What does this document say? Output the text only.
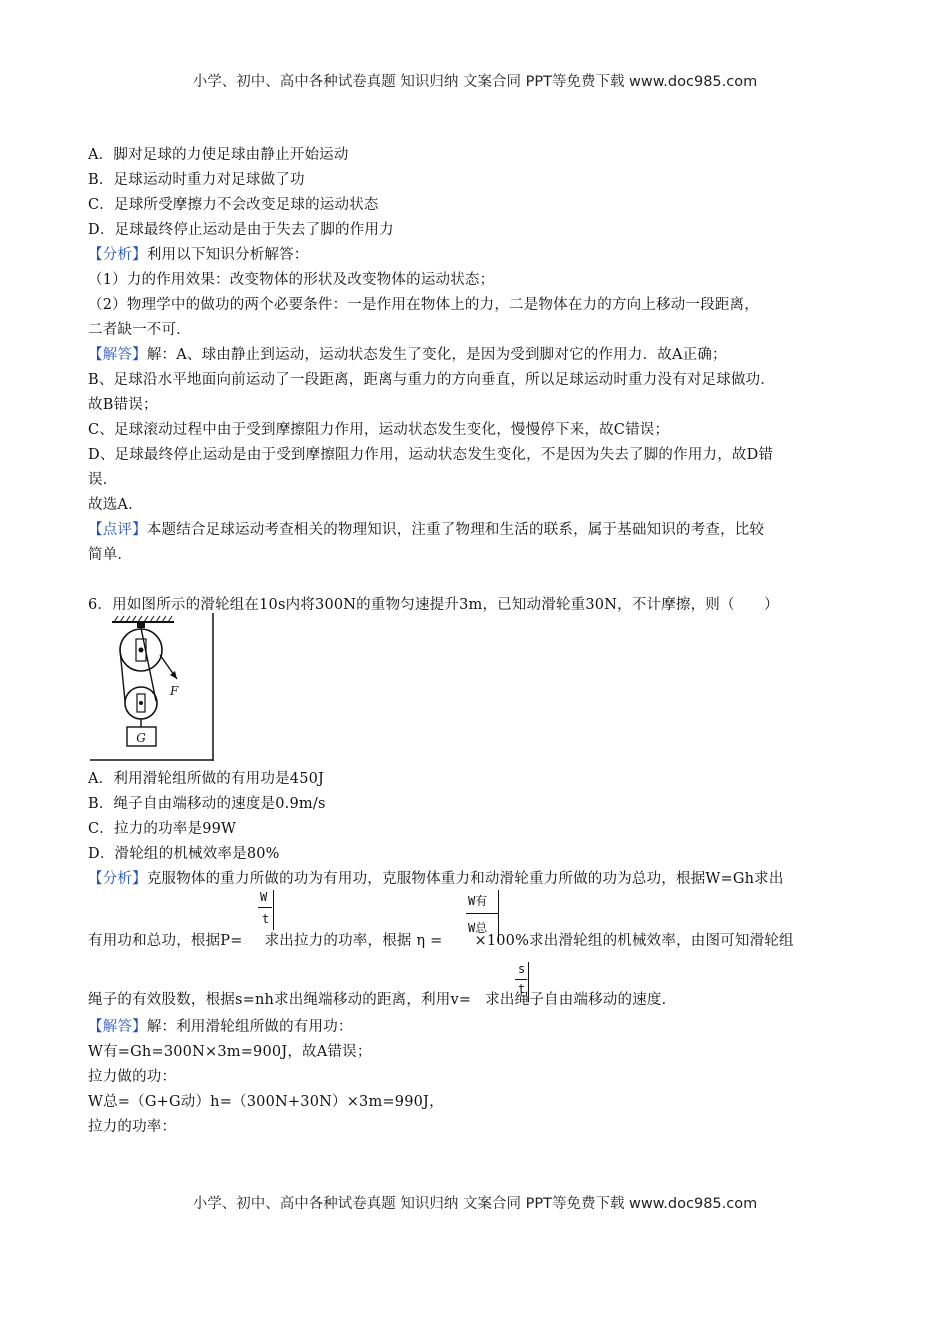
小学、初中、高中各种试卷真题 知识归纳 文案合同 PPT等免费下载 www.doc985.com
A．脚对足球的力使足球由静止开始运动
B．足球运动时重力对足球做了功
C．足球所受摩擦力不会改变足球的运动状态
D．足球最终停止运动是由于失去了脚的作用力
【分析】利用以下知识分析解答：
（1）力的作用效果：改变物体的形状及改变物体的运动状态；
（2）物理学中的做功的两个必要条件：一是作用在物体上的力，二是物体在力的方向上移动一段距离，
二者缺一不可．
【解答】解：A、球由静止到运动，运动状态发生了变化，是因为受到脚对它的作用力．故A正确；
B、足球沿水平地面向前运动了一段距离，距离与重力的方向垂直，所以足球运动时重力没有对足球做功．
故B错误；
C、足球滚动过程中由于受到摩擦阻力作用，运动状态发生变化，慢慢停下来，故C错误；
D、足球最终停止运动是由于受到摩擦阻力作用，运动状态发生变化，不是因为失去了脚的作用力，故D错
误．
故选A．
【点评】本题结合足球运动考查相关的物理知识，注重了物理和生活的联系，属于基础知识的考查，比较
简单．
6．用如图所示的滑轮组在10s内将300N的重物匀速提升3m，已知动滑轮重30N，不计摩擦，则（　　）
F
G
A．利用滑轮组所做的有用功是450J
B．绳子自由端移动的速度是0.9m/s
C．拉力的功率是99W
D．滑轮组的机械效率是80%
【分析】克服物体的重力所做的功为有用功，克服物体重力和动滑轮重力所做的功为总功，根据W=Gh求出
W
t
W有
W总
有用功和总功，根据P= 求出拉力的功率，根据 η = ×100%求出滑轮组的机械效率，由图可知滑轮组
s
t
绳子的有效股数，根据s=nh求出绳端移动的距离，利用v= 求出绳子自由端移动的速度．
【解答】解：利用滑轮组所做的有用功：
W有=Gh=300N×3m=900J，故A错误；
拉力做的功：
W总=（G+G动）h=（300N+30N）×3m=990J，
拉力的功率：
小学、初中、高中各种试卷真题 知识归纳 文案合同 PPT等免费下载 www.doc985.com
